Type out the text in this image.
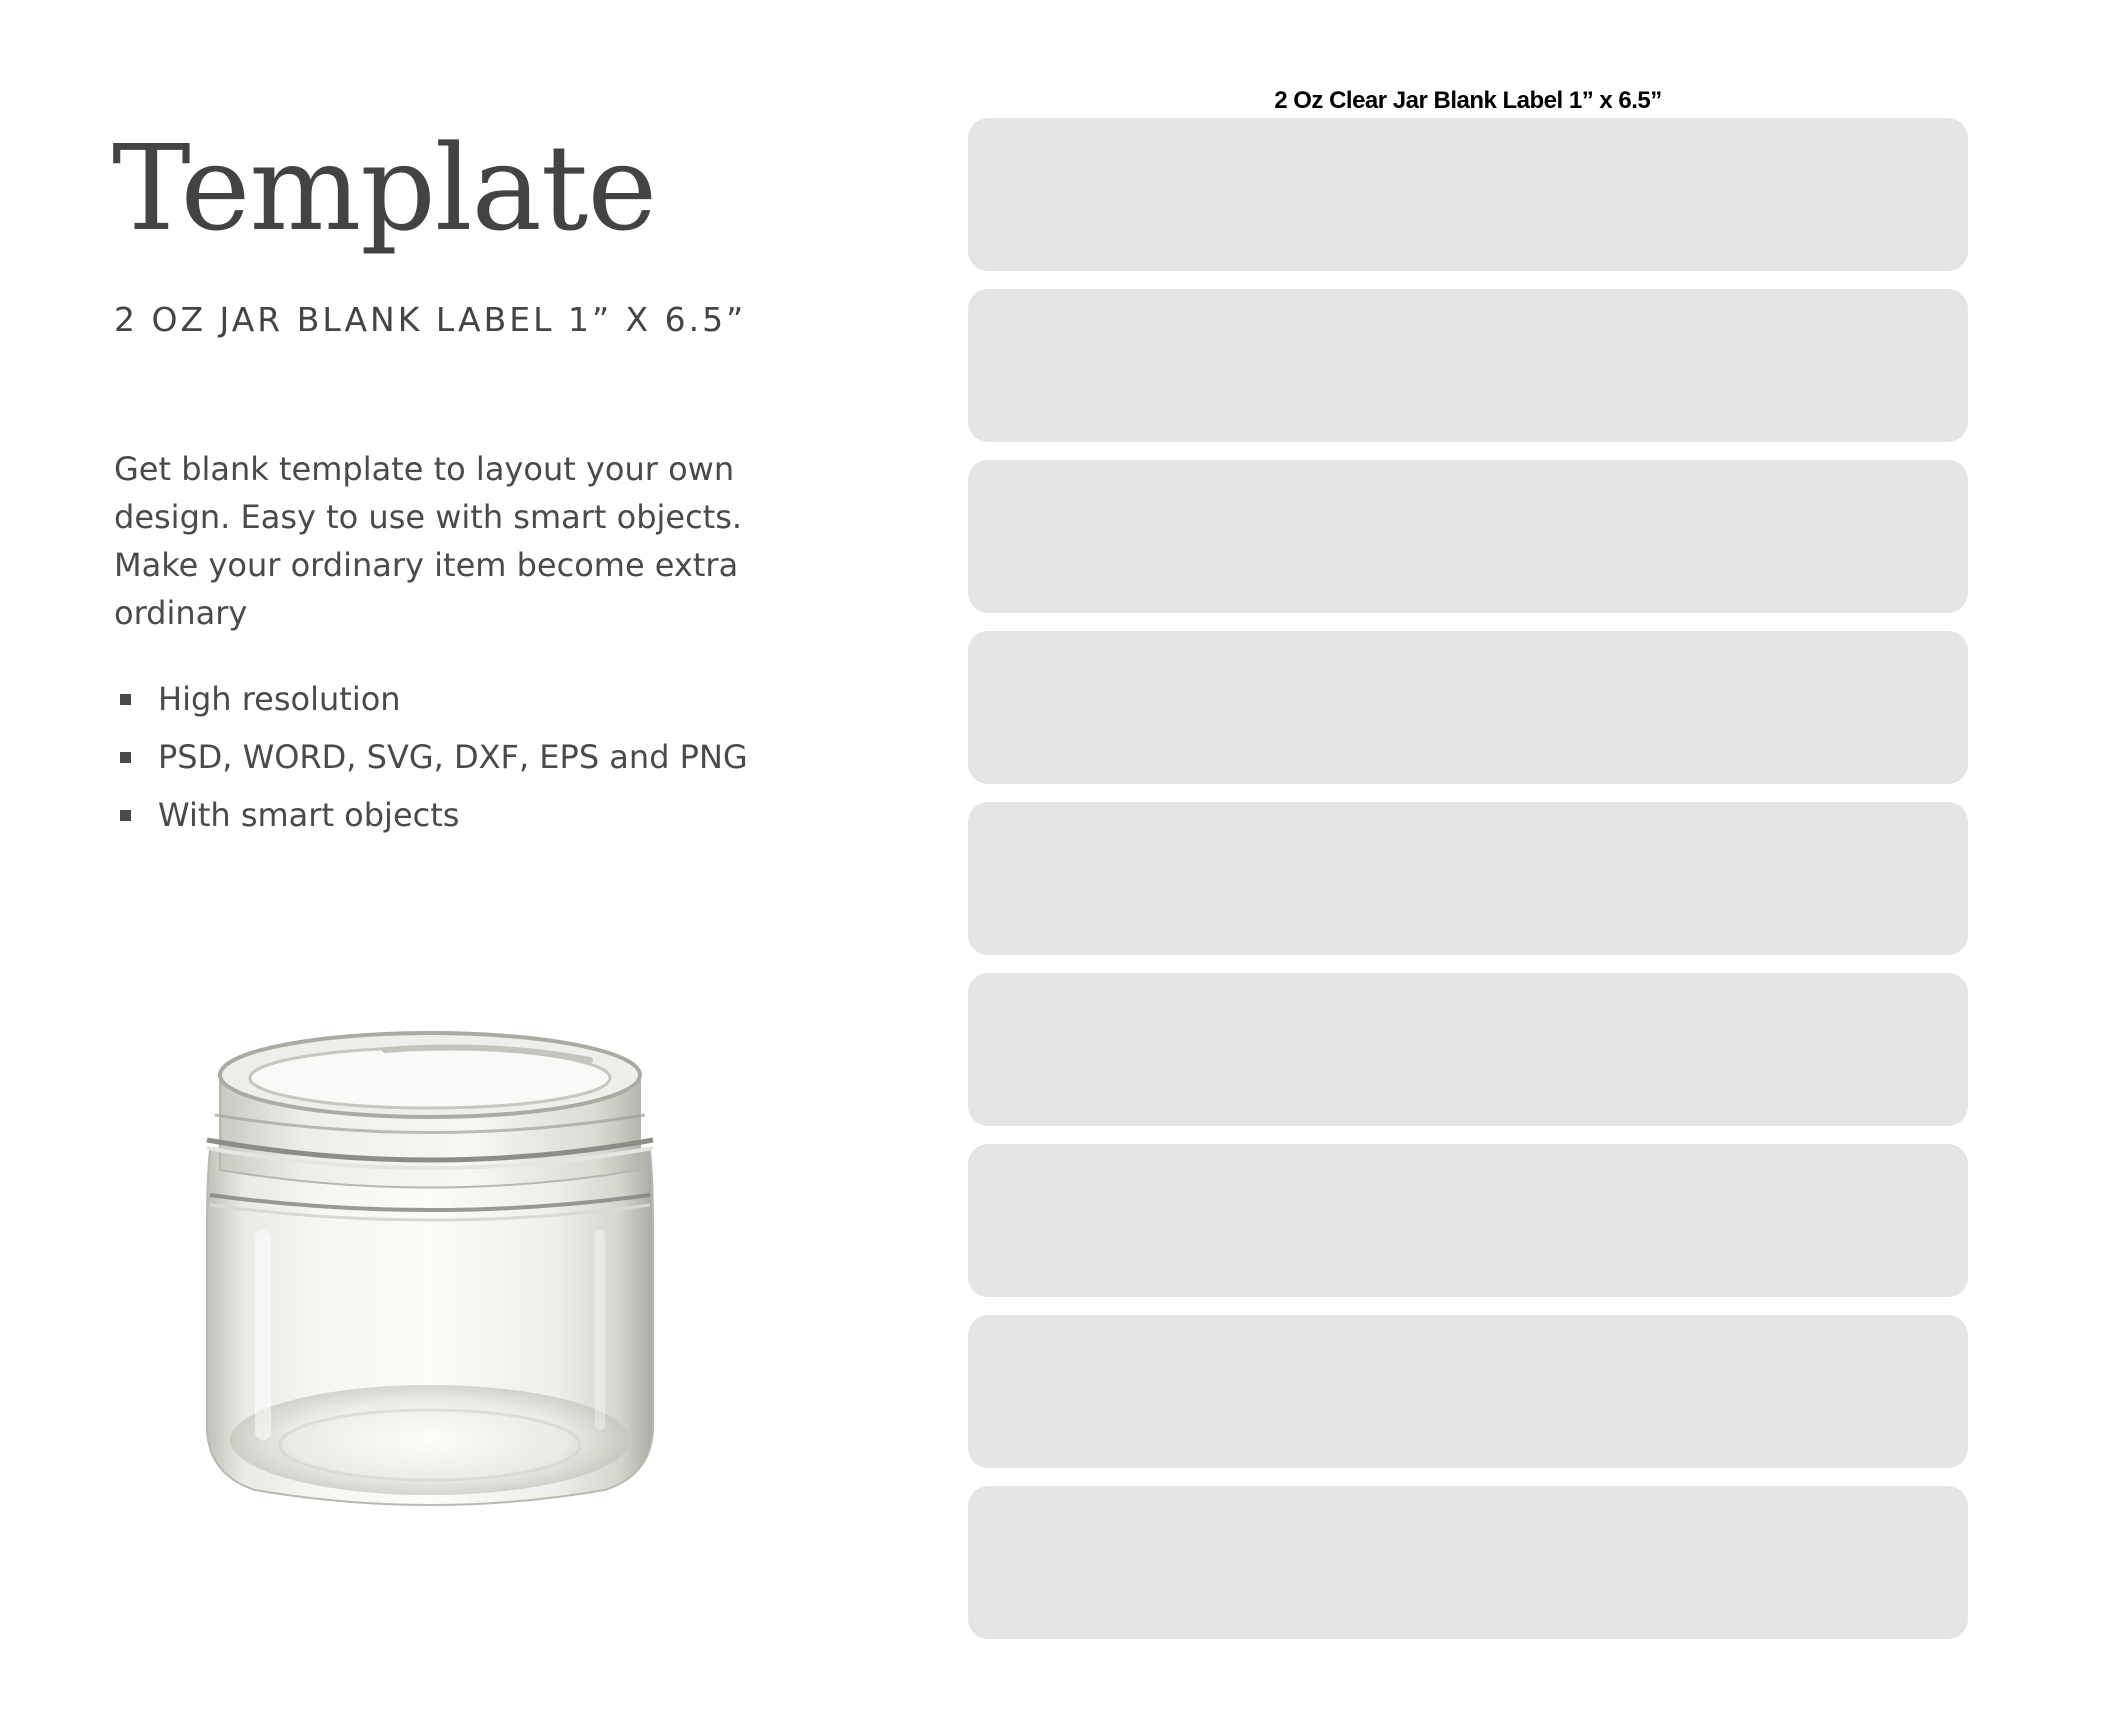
Template
2 OZ JAR BLANK LABEL 1” X 6.5”

Get blank template to layout your own design. Easy to use with smart objects. Make your ordinary item become extra ordinary

High resolution
PSD, WORD, SVG, DXF, EPS and PNG
With smart objects
2 Oz Clear Jar Blank Label 1” x 6.5”
